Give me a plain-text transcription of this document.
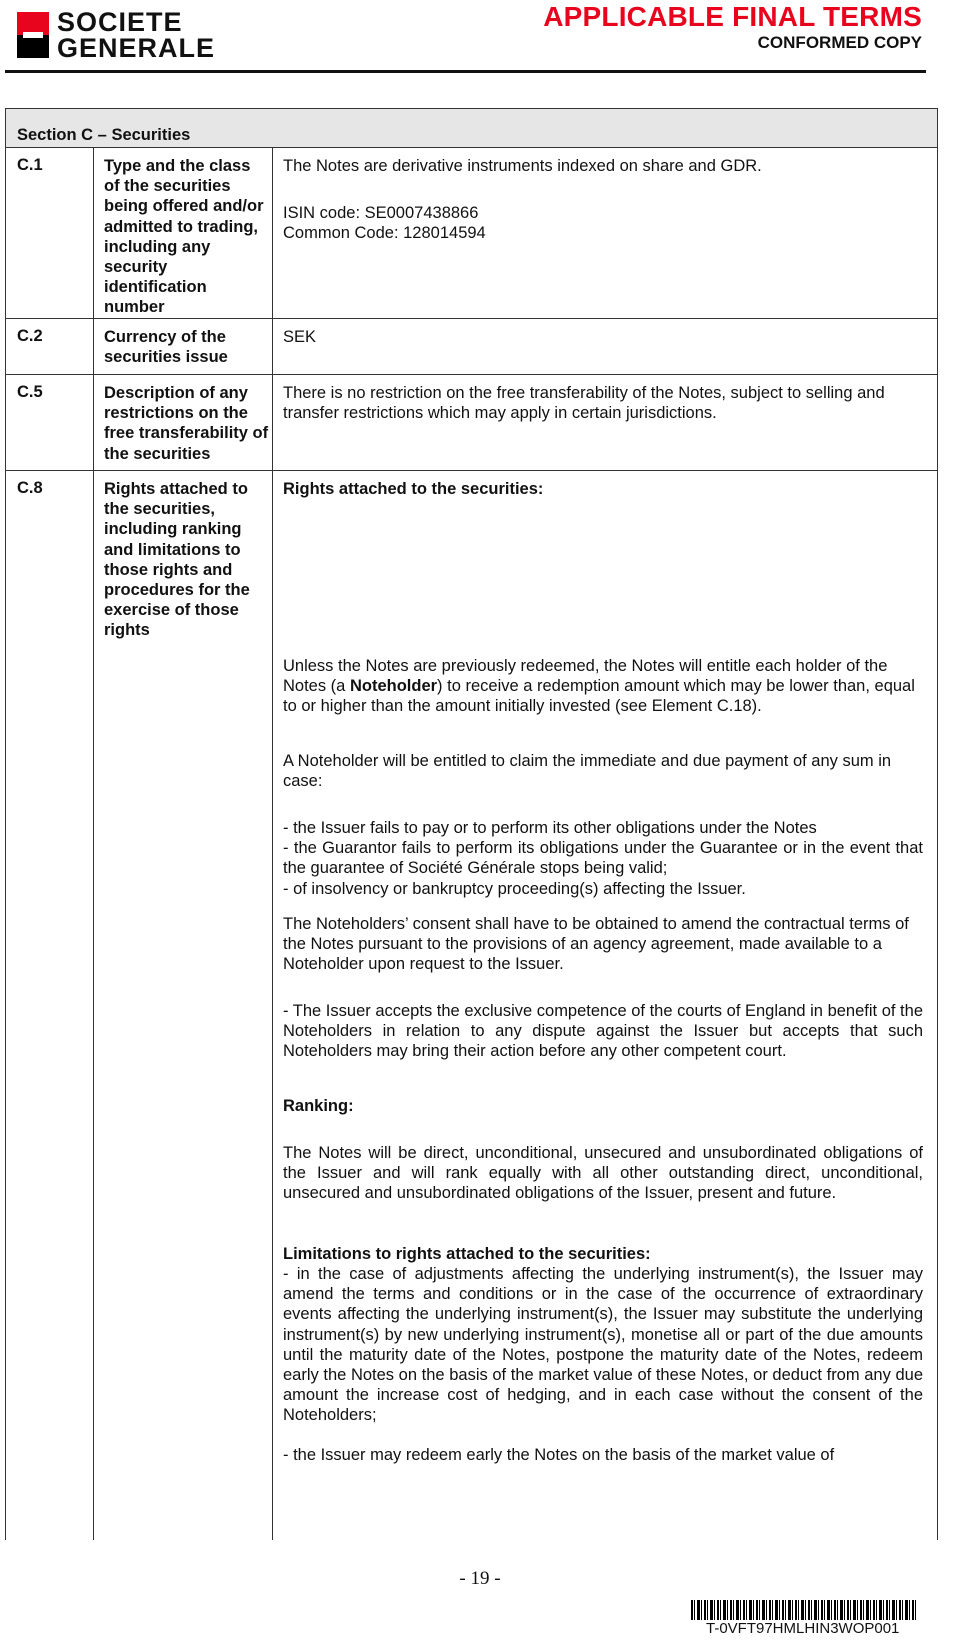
SOCIETE
GENERALE
APPLICABLE FINAL TERMS
CONFORMED COPY
Section C – Securities
C.1	Type and the class of the securities being offered and/or admitted to trading, including any security identification number
The Notes are derivative instruments indexed on share and GDR.
ISIN code: SE0007438866
Common Code: 128014594
C.2	Currency of the securities issue
SEK
C.5	Description of any restrictions on the free transferability of the securities
There is no restriction on the free transferability of the Notes, subject to selling and transfer restrictions which may apply in certain jurisdictions.
C.8	Rights attached to the securities, including ranking and limitations to those rights and procedures for the exercise of those rights
Rights attached to the securities:
Unless the Notes are previously redeemed, the Notes will entitle each holder of the Notes (a Noteholder) to receive a redemption amount which may be lower than, equal to or higher than the amount initially invested (see Element C.18).
A Noteholder will be entitled to claim the immediate and due payment of any sum in case:
- the Issuer fails to pay or to perform its other obligations under the Notes
- the Guarantor fails to perform its obligations under the Guarantee or in the event that the guarantee of Société Générale stops being valid;
- of insolvency or bankruptcy proceeding(s) affecting the Issuer.
The Noteholders’ consent shall have to be obtained to amend the contractual terms of the Notes pursuant to the provisions of an agency agreement, made available to a Noteholder upon request to the Issuer.
- The Issuer accepts the exclusive competence of the courts of England in benefit of the Noteholders in relation to any dispute against the Issuer but accepts that such Noteholders may bring their action before any other competent court.
Ranking:
The Notes will be direct, unconditional, unsecured and unsubordinated obligations of the Issuer and will rank equally with all other outstanding direct, unconditional, unsecured and unsubordinated obligations of the Issuer, present and future.
Limitations to rights attached to the securities:
- in the case of adjustments affecting the underlying instrument(s), the Issuer may amend the terms and conditions or in the case of the occurrence of extraordinary events affecting the underlying instrument(s), the Issuer may substitute the underlying instrument(s) by new underlying instrument(s), monetise all or part of the due amounts until the maturity date of the Notes, postpone the maturity date of the Notes, redeem early the Notes on the basis of the market value of these Notes, or deduct from any due amount the increase cost of hedging, and in each case without the consent of the Noteholders;
- the Issuer may redeem early the Notes on the basis of the market value of
- 19 -
T-0VFT97HMLHIN3WOP001
